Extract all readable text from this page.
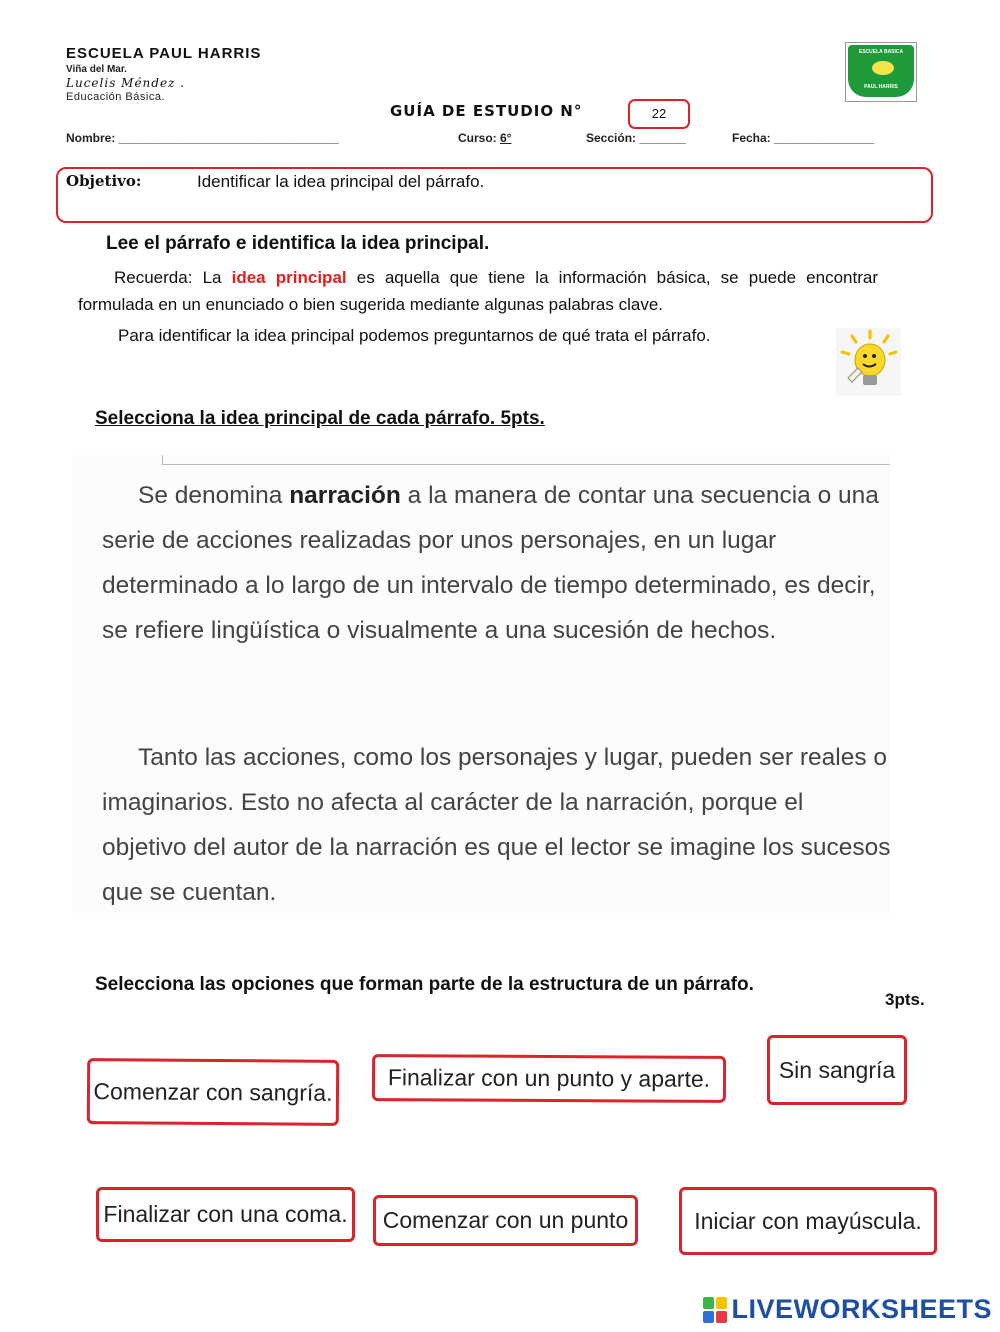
ESCUELA PAUL HARRIS
Viña del Mar.
Lucelis Méndez .
Educación Básica.
ESCUELA BASICA
PAUL HARRIS
GUÍA DE ESTUDIO N°	22
Nombre: _________________________________	Curso: 6°	Sección: _______	Fecha: _______________
Objetivo:	Identificar la idea principal del párrafo.
Lee el párrafo e identifica la idea principal.
Recuerda: La idea principal es aquella que tiene la información básica, se puede encontrar formulada en un enunciado o bien sugerida mediante algunas palabras clave.
Para identificar la idea principal podemos preguntarnos de qué trata el párrafo.
Selecciona la idea principal de cada párrafo. 5pts.
Se denomina narración a la manera de contar una secuencia o una serie de acciones realizadas por unos personajes, en un lugar determinado a lo largo de un intervalo de tiempo determinado, es decir, se refiere lingüística o visualmente a una sucesión de hechos.
Tanto las acciones, como los personajes y lugar, pueden ser reales o imaginarios. Esto no afecta al carácter de la narración, porque el objetivo del autor de la narración es que el lector se imagine los sucesos que se cuentan.
Selecciona las opciones que forman parte de la estructura de un párrafo.
3pts.
Comenzar con sangría.	Finalizar con un punto y aparte.	Sin sangría
Finalizar con una coma.	Comenzar con un punto	Iniciar con mayúscula.
LIVEWORKSHEETS
